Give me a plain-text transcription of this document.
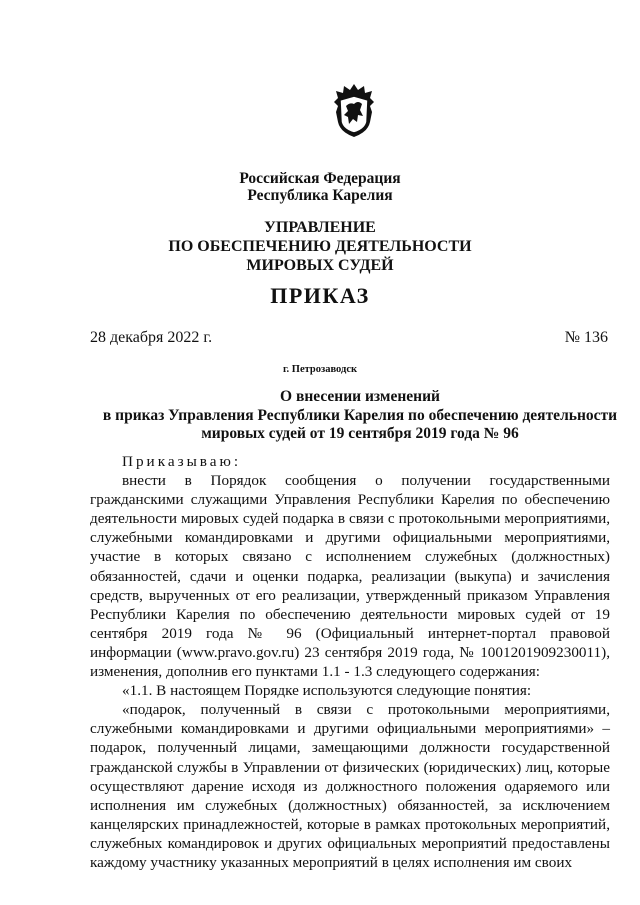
Российская Федерация

Республика Карелия

УПРАВЛЕНИЕ

ПО ОБЕСПЕЧЕНИЮ ДЕЯТЕЛЬНОСТИ

МИРОВЫХ СУДЕЙ

ПРИКАЗ
28 декабря 2022 г.	№ 136
г. Петрозаводск
О внесении изменений
в приказ Управления Республики Карелия по обеспечению деятельности
мировых судей от 19 сентября 2019 года № 96

Приказываю:

внести в Порядок сообщения о получении государственными гражданскими служащими Управления Республики Карелия по обеспечению деятельности мировых судей подарка в связи с протокольными мероприятиями, служебными командировками и другими официальными мероприятиями, участие в которых связано с исполнением служебных (должностных) обязанностей, сдачи и оценки подарка, реализации (выкупа) и зачисления средств, вырученных от его реализации, утвержденный приказом Управления Республики Карелия по обеспечению деятельности мировых судей от 19 сентября 2019 года № 96 (Официальный интернет-портал правовой информации (www.pravo.gov.ru) 23 сентября 2019 года, № 1001201909230011), изменения, дополнив его пунктами 1.1 - 1.3 следующего содержания:

«1.1. В настоящем Порядке используются следующие понятия:

«подарок, полученный в связи с протокольными мероприятиями, служебными командировками и другими официальными мероприятиями» – подарок, полученный лицами, замещающими должности государственной гражданской службы в Управлении от физических (юридических) лиц, которые осуществляют дарение исходя из должностного положения одаряемого или исполнения им служебных (должностных) обязанностей, за исключением канцелярских принадлежностей, которые в рамках протокольных мероприятий, служебных командировок и других официальных мероприятий предоставлены каждому участнику указанных мероприятий в целях исполнения им своих
